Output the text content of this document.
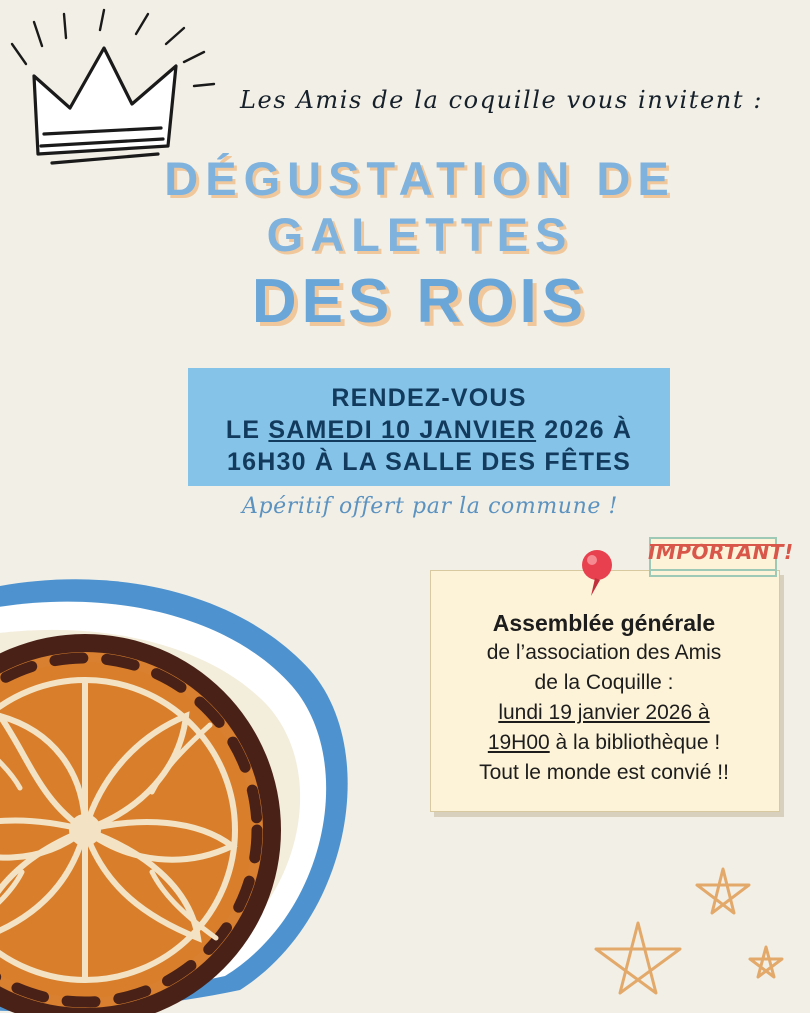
Les Amis de la coquille vous invitent :
DÉGUSTATION DE
GALETTES
DES ROIS
RENDEZ-VOUS
LE SAMEDI 10 JANVIER 2026 À
16H30 À LA SALLE DES FÊTES
Apéritif offert par la commune !
IMPORTANT!
Assemblée générale
de l’association des Amis
de la Coquille :
lundi 19 janvier 2026 à
19H00 à la bibliothèque !
Tout le monde est convié !!
